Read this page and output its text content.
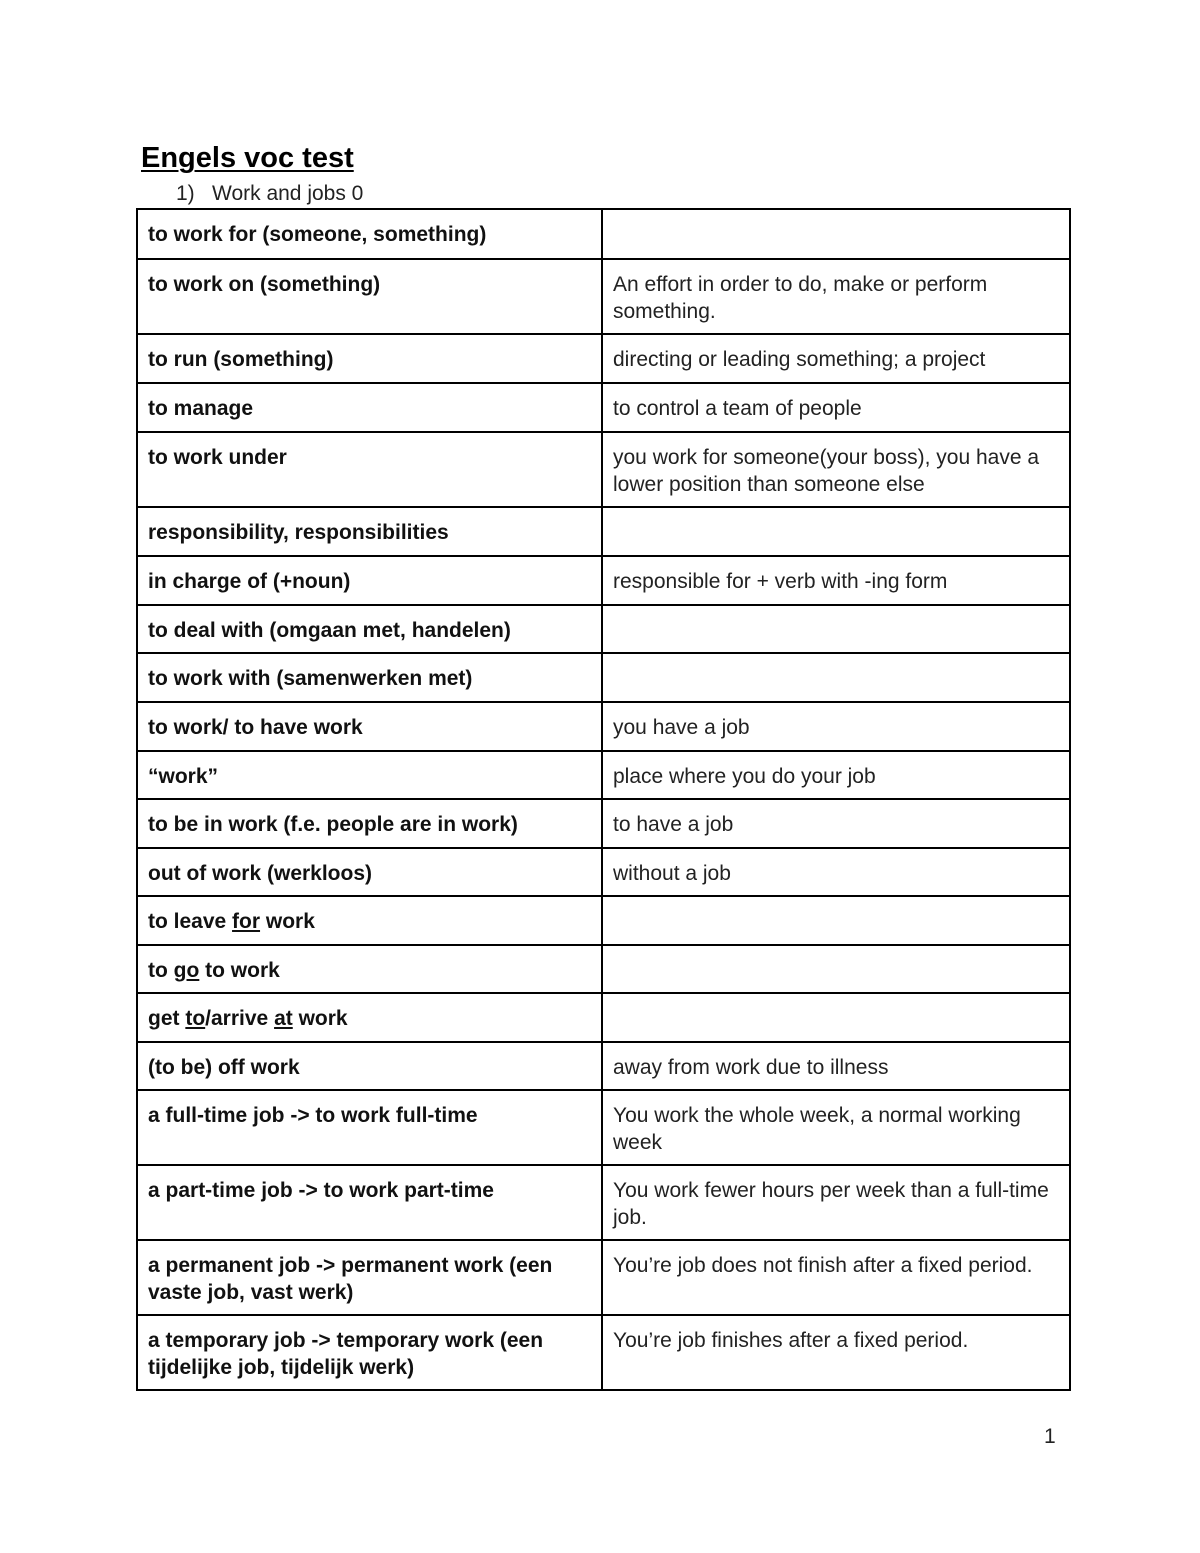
Engels voc test
1) Work and jobs 0
to work for (someone, something)	
to work on (something)	An effort in order to do, make or perform something.
to run (something)	directing or leading something; a project
to manage	to control a team of people
to work under	you work for someone(your boss), you have a lower position than someone else
responsibility, responsibilities	
in charge of (+noun)	responsible for + verb with -ing form
to deal with (omgaan met, handelen)	
to work with (samenwerken met)	
to work/ to have work	you have a job
“work”	place where you do your job
to be in work (f.e. people are in work)	to have a job
out of work (werkloos)	without a job
to leave for work	
to go to work	
get to/arrive at work	
(to be) off work	away from work due to illness
a full-time job -> to work full-time	You work the whole week, a normal working week
a part-time job -> to work part-time	You work fewer hours per week than a full-time job.
a permanent job -> permanent work (een vaste job, vast werk)	You’re job does not finish after a fixed period.
a temporary job -> temporary work (een tijdelijke job, tijdelijk werk)	You’re job finishes after a fixed period.
1
